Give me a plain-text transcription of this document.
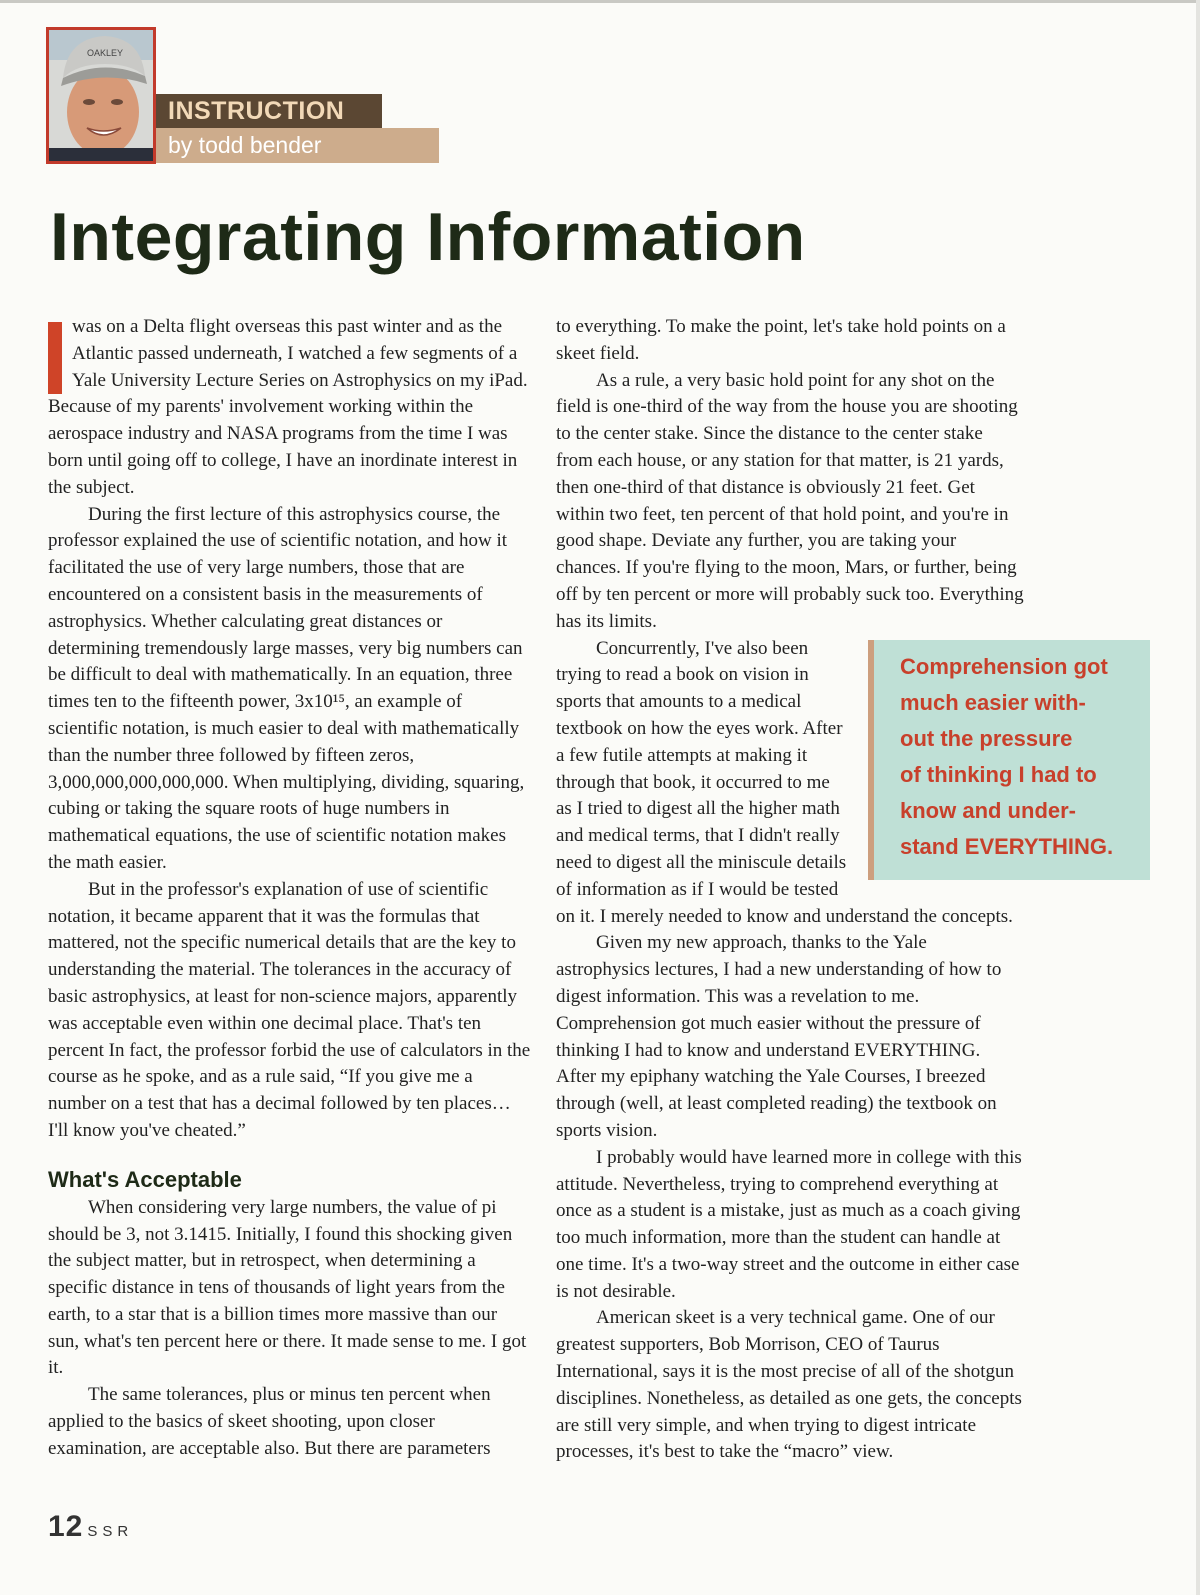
OAKLEY
INSTRUCTION
by todd bender
Integrating Information

was on a Delta flight overseas this past winter and as the Atlantic passed underneath, I watched a few segments of a Yale University Lecture Series on Astrophysics on my iPad. Because of my parents' involvement working within the aerospace industry and NASA programs from the time I was born until going off to college, I have an inordinate interest in the subject.

During the first lecture of this astrophysics course, the professor explained the use of scientific notation, and how it facilitated the use of very large numbers, those that are encountered on a consistent basis in the measurements of astrophysics. Whether calculating great distances or determining tremendously large masses, very big numbers can be difficult to deal with mathematically. In an equation, three times ten to the fifteenth power, 3x10¹⁵, an example of scientific notation, is much easier to deal with mathematically than the number three followed by fifteen zeros, 3,000,000,000,000,000. When multiplying, dividing, squaring, cubing or taking the square roots of huge numbers in mathematical equations, the use of scientific notation makes the math easier.

But in the professor's explanation of use of scientific notation, it became apparent that it was the formulas that mattered, not the specific numerical details that are the key to understanding the material. The tolerances in the accuracy of basic astrophysics, at least for non-science majors, apparently was acceptable even within one decimal place. That's ten percent In fact, the professor forbid the use of calculators in the course as he spoke, and as a rule said, “If you give me a number on a test that has a decimal followed by ten places… I'll know you've cheated.”

What's Acceptable

When considering very large numbers, the value of pi should be 3, not 3.1415. Initially, I found this shocking given the subject matter, but in retrospect, when determining a specific distance in tens of thousands of light years from the earth, to a star that is a billion times more massive than our sun, what's ten percent here or there. It made sense to me. I got it.

The same tolerances, plus or minus ten percent when applied to the basics of skeet shooting, upon closer examination, are acceptable also. But there are parameters

to everything. To make the point, let's take hold points on a skeet field.

As a rule, a very basic hold point for any shot on the field is one-third of the way from the house you are shooting to the center stake. Since the distance to the center stake from each house, or any station for that matter, is 21 yards, then one-third of that distance is obviously 21 feet. Get within two feet, ten percent of that hold point, and you're in good shape. Deviate any further, you are taking your chances. If you're flying to the moon, Mars, or further, being off by ten percent or more will probably suck too. Everything has its limits.

Comprehension got
much easier with-
out the pressure
of thinking I had to
know and under-
stand EVERYTHING.

Concurrently, I've also been trying to read a book on vision in sports that amounts to a medical textbook on how the eyes work. After a few futile attempts at making it through that book, it occurred to me as I tried to digest all the higher math and medical terms, that I didn't really need to digest all the miniscule details of information as if I would be tested on it. I merely needed to know and understand the concepts.

Given my new approach, thanks to the Yale astrophysics lectures, I had a new understanding of how to digest information. This was a revelation to me. Comprehension got much easier without the pressure of thinking I had to know and understand EVERYTHING. After my epiphany watching the Yale Courses, I breezed through (well, at least completed reading) the textbook on sports vision.

I probably would have learned more in college with this attitude. Nevertheless, trying to comprehend everything at once as a student is a mistake, just as much as a coach giving too much information, more than the student can handle at one time. It's a two-way street and the outcome in either case is not desirable.

American skeet is a very technical game. One of our greatest supporters, Bob Morrison, CEO of Taurus International, says it is the most precise of all of the shotgun disciplines. Nonetheless, as detailed as one gets, the concepts are still very simple, and when trying to digest intricate processes, it's best to take the “macro” view.

12 SSR
